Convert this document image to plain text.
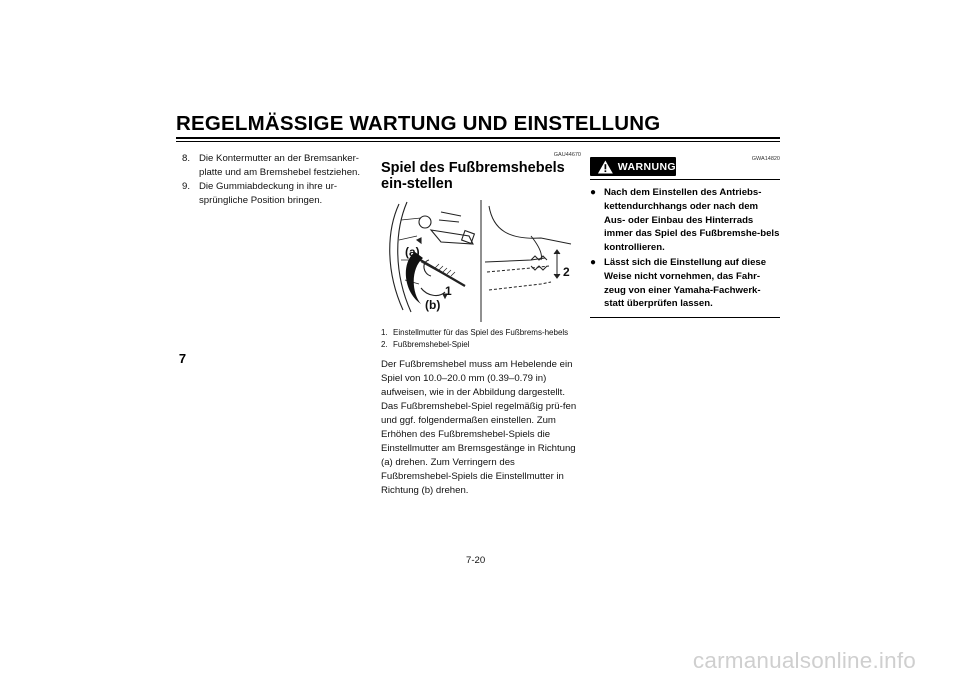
REGELMÄSSIGE WARTUNG UND EINSTELLUNG
7
8. Die Kontermutter an der Bremsanker-platte und am Bremshebel festziehen.
9. Die Gummiabdeckung in ihre ur-sprüngliche Position bringen.
GAU44670
Spiel des Fußbremshebels ein-stellen
(a)
(b)
1
2
1. Einstellmutter für das Spiel des Fußbrems-hebels
2. Fußbremshebel-Spiel

Der Fußbremshebel muss am Hebelende ein Spiel von 10.0–20.0 mm (0.39–0.79 in) aufweisen, wie in der Abbildung dargestellt. Das Fußbremshebel-Spiel regelmäßig prü-fen und ggf. folgendermaßen einstellen. Zum Erhöhen des Fußbremshebel-Spiels die Einstellmutter am Bremsgestänge in Richtung (a) drehen. Zum Verringern des Fußbremshebel-Spiels die Einstellmutter in Richtung (b) drehen.

WARNUNG
GWA14820
● Nach dem Einstellen des Antriebs-kettendurchhangs oder nach dem Aus- oder Einbau des Hinterrads immer das Spiel des Fußbremshe-bels kontrollieren.
● Lässt sich die Einstellung auf diese Weise nicht vornehmen, das Fahr-zeug von einer Yamaha-Fachwerk-statt überprüfen lassen.
7-20
carmanualsonline.info
